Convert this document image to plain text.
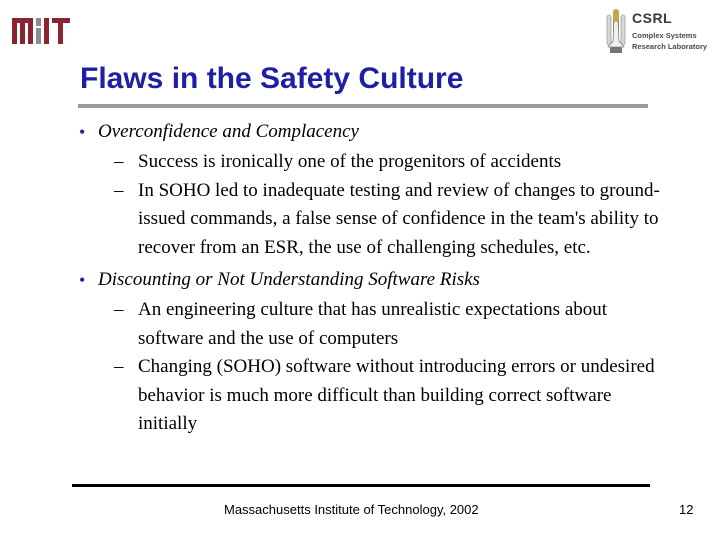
CSRL
Complex Systems
Research Laboratory
Flaws in the Safety Culture
• Overconfidence and Complacency
– Success is ironically one of the progenitors of accidents
– In SOHO led to inadequate testing and review of changes to ground-issued commands, a false sense of confidence in the team's ability to recover from an ESR, the use of challenging schedules, etc.
• Discounting or Not Understanding Software Risks
– An engineering culture that has unrealistic expectations about software and the use of computers
– Changing (SOHO) software without introducing errors or undesired behavior is much more difficult than building correct software initially
Massachusetts Institute of Technology, 2002	12
